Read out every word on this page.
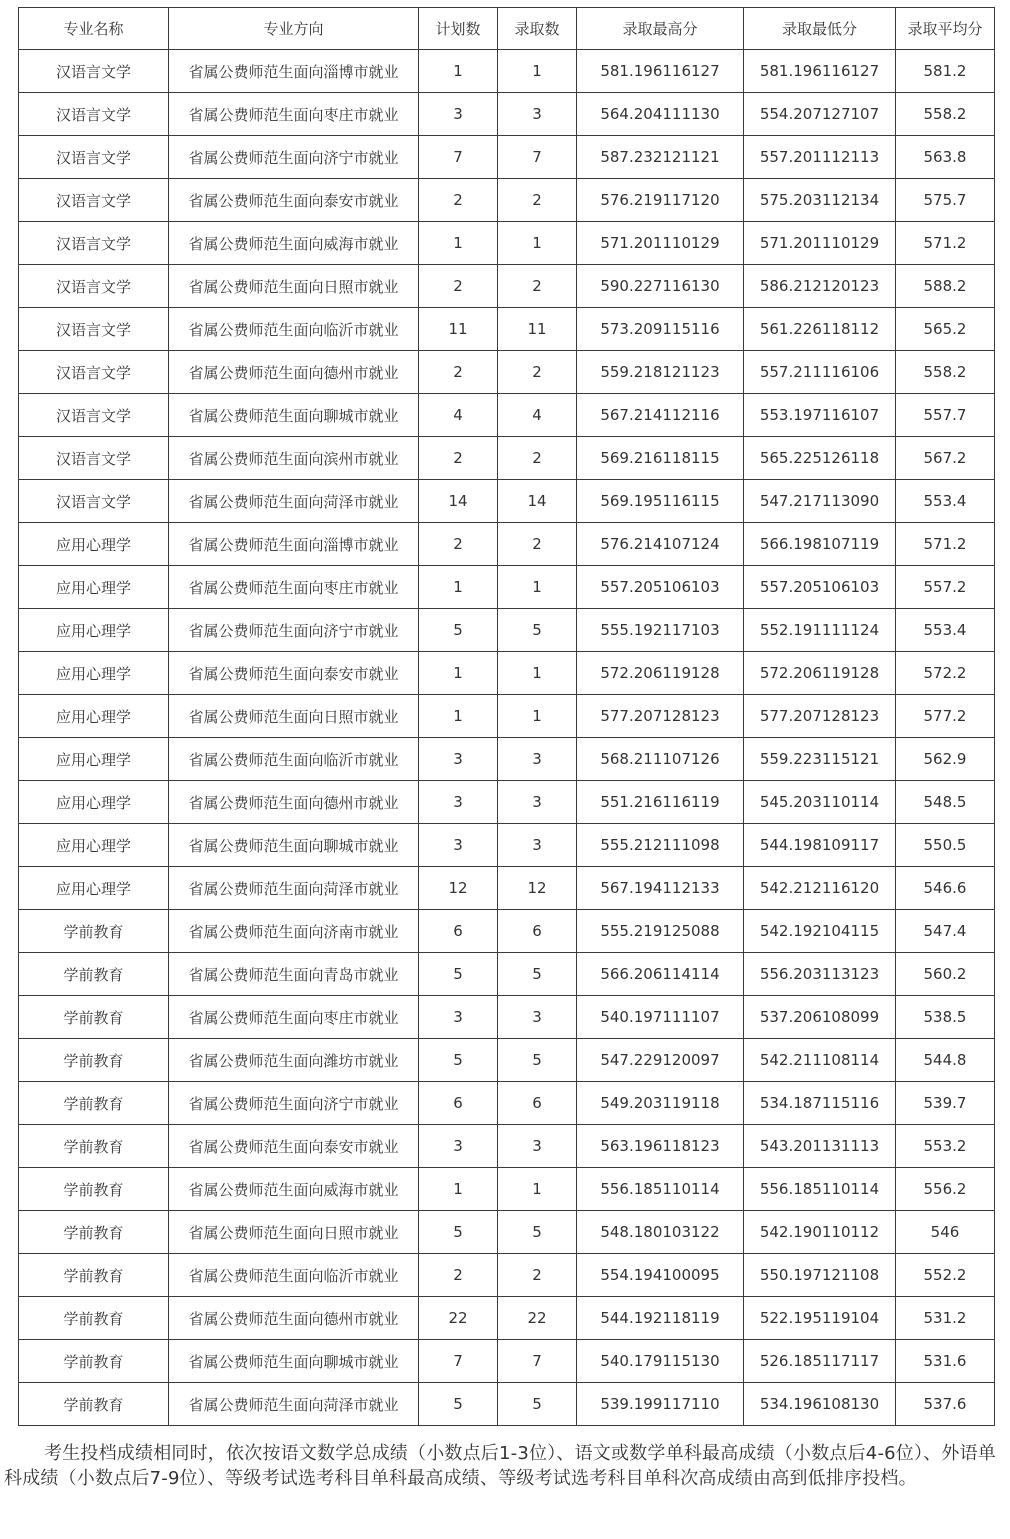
专业名称	专业方向	计划数	录取数	录取最高分	录取最低分	录取平均分
汉语言文学	省属公费师范生面向淄博市就业	1	1	581.196116127	581.196116127	581.2
汉语言文学	省属公费师范生面向枣庄市就业	3	3	564.204111130	554.207127107	558.2
汉语言文学	省属公费师范生面向济宁市就业	7	7	587.232121121	557.201112113	563.8
汉语言文学	省属公费师范生面向泰安市就业	2	2	576.219117120	575.203112134	575.7
汉语言文学	省属公费师范生面向威海市就业	1	1	571.201110129	571.201110129	571.2
汉语言文学	省属公费师范生面向日照市就业	2	2	590.227116130	586.212120123	588.2
汉语言文学	省属公费师范生面向临沂市就业	11	11	573.209115116	561.226118112	565.2
汉语言文学	省属公费师范生面向德州市就业	2	2	559.218121123	557.211116106	558.2
汉语言文学	省属公费师范生面向聊城市就业	4	4	567.214112116	553.197116107	557.7
汉语言文学	省属公费师范生面向滨州市就业	2	2	569.216118115	565.225126118	567.2
汉语言文学	省属公费师范生面向菏泽市就业	14	14	569.195116115	547.217113090	553.4
应用心理学	省属公费师范生面向淄博市就业	2	2	576.214107124	566.198107119	571.2
应用心理学	省属公费师范生面向枣庄市就业	1	1	557.205106103	557.205106103	557.2
应用心理学	省属公费师范生面向济宁市就业	5	5	555.192117103	552.191111124	553.4
应用心理学	省属公费师范生面向泰安市就业	1	1	572.206119128	572.206119128	572.2
应用心理学	省属公费师范生面向日照市就业	1	1	577.207128123	577.207128123	577.2
应用心理学	省属公费师范生面向临沂市就业	3	3	568.211107126	559.223115121	562.9
应用心理学	省属公费师范生面向德州市就业	3	3	551.216116119	545.203110114	548.5
应用心理学	省属公费师范生面向聊城市就业	3	3	555.212111098	544.198109117	550.5
应用心理学	省属公费师范生面向菏泽市就业	12	12	567.194112133	542.212116120	546.6
学前教育	省属公费师范生面向济南市就业	6	6	555.219125088	542.192104115	547.4
学前教育	省属公费师范生面向青岛市就业	5	5	566.206114114	556.203113123	560.2
学前教育	省属公费师范生面向枣庄市就业	3	3	540.197111107	537.206108099	538.5
学前教育	省属公费师范生面向潍坊市就业	5	5	547.229120097	542.211108114	544.8
学前教育	省属公费师范生面向济宁市就业	6	6	549.203119118	534.187115116	539.7
学前教育	省属公费师范生面向泰安市就业	3	3	563.196118123	543.201131113	553.2
学前教育	省属公费师范生面向威海市就业	1	1	556.185110114	556.185110114	556.2
学前教育	省属公费师范生面向日照市就业	5	5	548.180103122	542.190110112	546
学前教育	省属公费师范生面向临沂市就业	2	2	554.194100095	550.197121108	552.2
学前教育	省属公费师范生面向德州市就业	22	22	544.192118119	522.195119104	531.2
学前教育	省属公费师范生面向聊城市就业	7	7	540.179115130	526.185117117	531.6
学前教育	省属公费师范生面向菏泽市就业	5	5	539.199117110	534.196108130	537.6

考生投档成绩相同时，依次按语文数学总成绩（小数点后1-3位）、语文或数学单科最高成绩（小数点后4-6位）、外语单科成绩（小数点后7-9位）、等级考试选考科目单科最高成绩、等级考试选考科目单科次高成绩由高到低排序投档。
